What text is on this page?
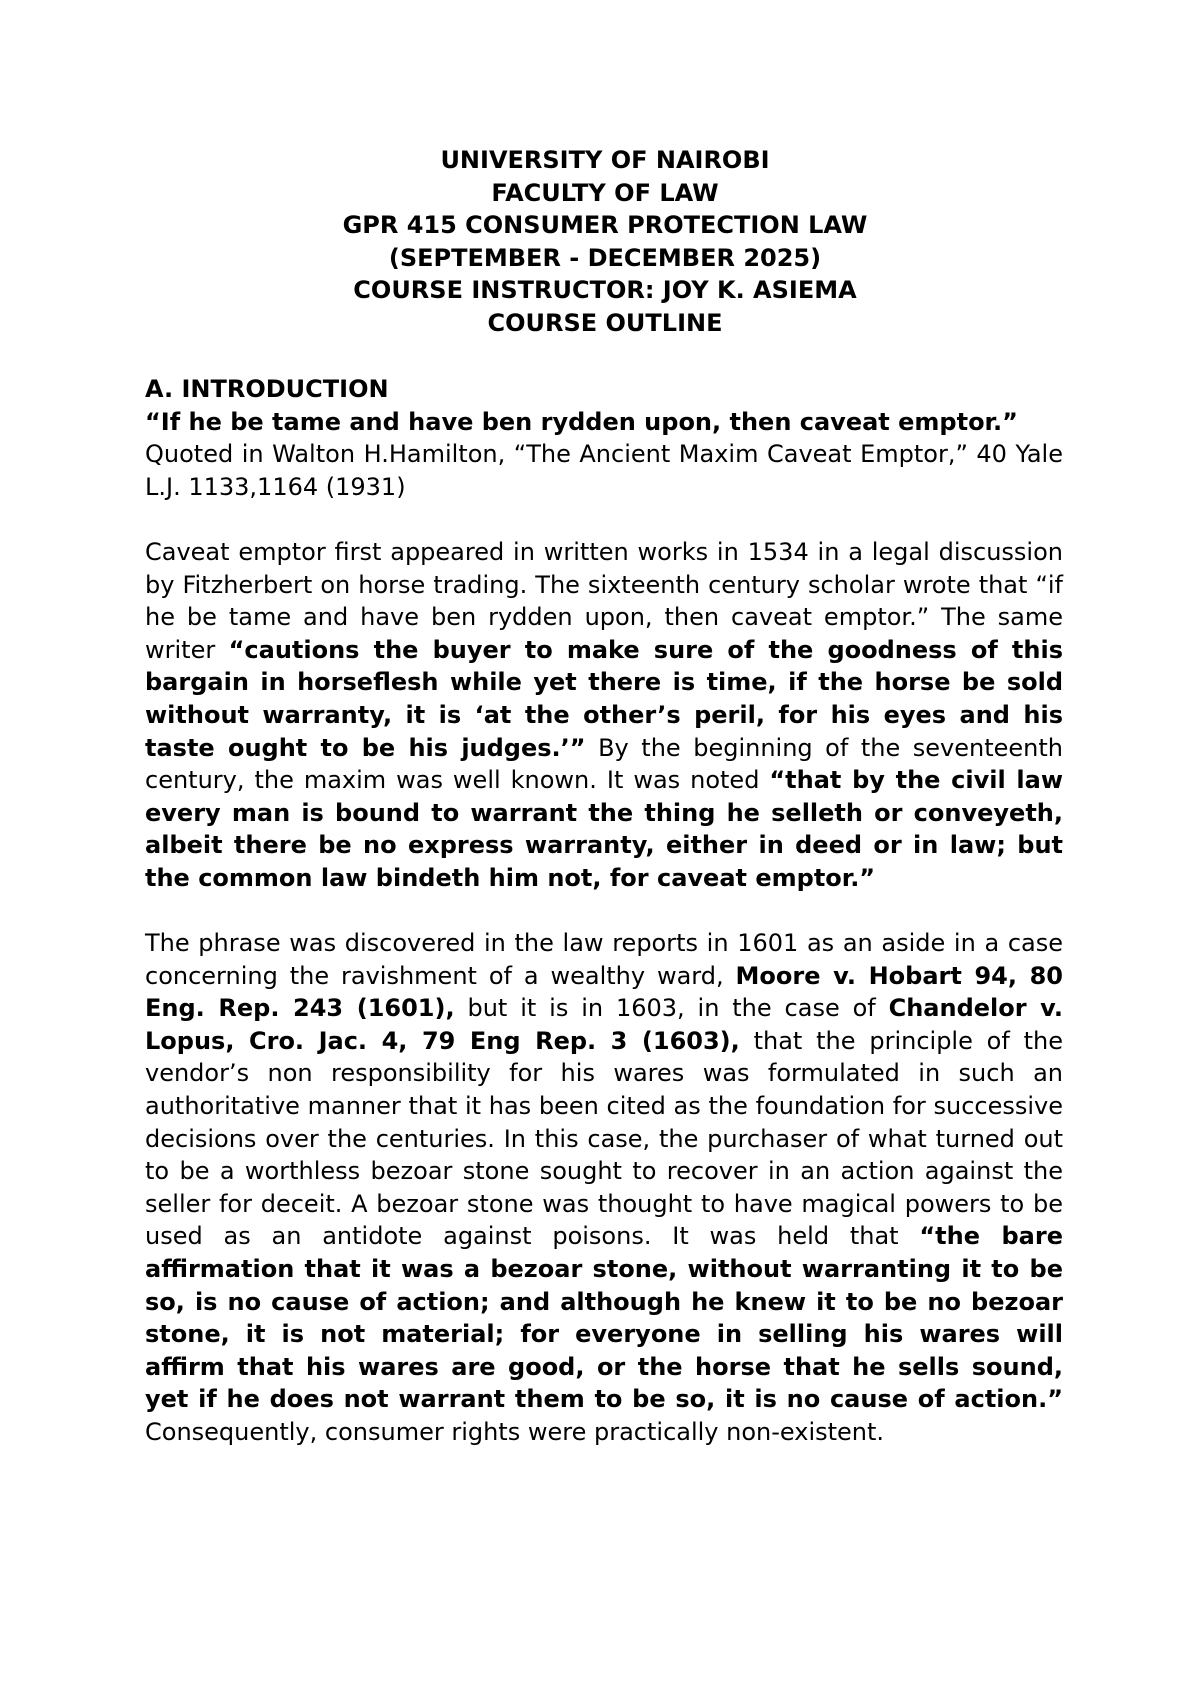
UNIVERSITY OF NAIROBI
FACULTY OF LAW
GPR 415 CONSUMER PROTECTION LAW
(SEPTEMBER - DECEMBER 2025)
COURSE INSTRUCTOR: JOY K. ASIEMA
COURSE OUTLINE

A. INTRODUCTION

“If he be tame and have ben rydden upon, then caveat emptor.”

Quoted in Walton H.Hamilton, “The Ancient Maxim Caveat Emptor,” 40 Yale L.J. 1133,1164 (1931)

Caveat emptor first appeared in written works in 1534 in a legal discussion by Fitzherbert on horse trading. The sixteenth century scholar wrote that “if he be tame and have ben rydden upon, then caveat emptor.” The same writer “cautions the buyer to make sure of the goodness of this bargain in horseflesh while yet there is time, if the horse be sold without warranty, it is ‘at the other’s peril, for his eyes and his taste ought to be his judges.’” By the beginning of the seventeenth century, the maxim was well known. It was noted “that by the civil law every man is bound to warrant the thing he selleth or conveyeth, albeit there be no express warranty, either in deed or in law; but the common law bindeth him not, for caveat emptor.”

The phrase was discovered in the law reports in 1601 as an aside in a case concerning the ravishment of a wealthy ward, Moore v. Hobart 94, 80 Eng. Rep. 243 (1601), but it is in 1603, in the case of Chandelor v. Lopus, Cro. Jac. 4, 79 Eng Rep. 3 (1603), that the principle of the vendor’s non responsibility for his wares was formulated in such an authoritative manner that it has been cited as the foundation for successive decisions over the centuries. In this case, the purchaser of what turned out to be a worthless bezoar stone sought to recover in an action against the seller for deceit. A bezoar stone was thought to have magical powers to be used as an antidote against poisons. It was held that “the bare affirmation that it was a bezoar stone, without warranting it to be so, is no cause of action; and although he knew it to be no bezoar stone, it is not material; for everyone in selling his wares will affirm that his wares are good, or the horse that he sells sound, yet if he does not warrant them to be so, it is no cause of action.” Consequently, consumer rights were practically non-existent.
